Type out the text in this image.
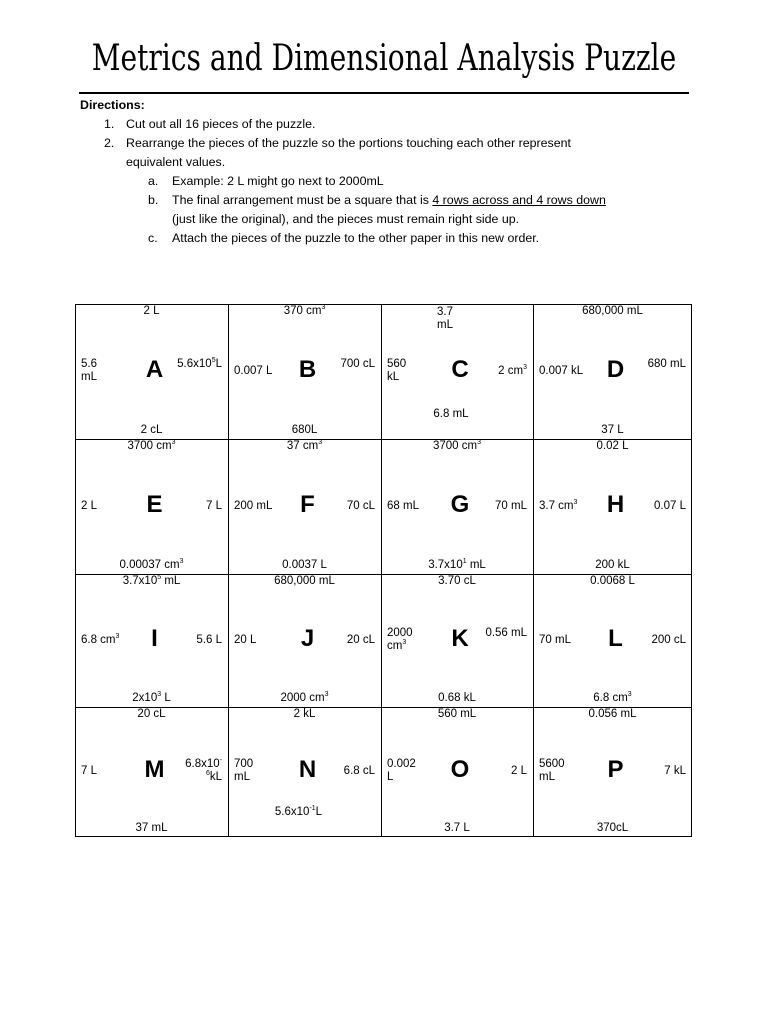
Metrics and Dimensional Analysis Puzzle
Directions:
1. Cut out all 16 pieces of the puzzle.
2. Rearrange the pieces of the puzzle so the portions touching each other represent
equivalent values.
a. Example: 2 L might go next to 2000mL
b. The final arrangement must be a square that is 4 rows across and 4 rows down
(just like the original), and the pieces must remain right side up.
c. Attach the pieces of the puzzle to the other paper in this new order.
A
2 L
2 cL
5.6 mL
$5.6x10^5L$	B
370 $cm^3$
680L
0.007 L
700 cL	C
3.7 mL
6.8 mL
560 kL	2 $cm^3$	D
680,000 mL
37 L
0.007 kL
680 mL
E
3700 $cm^3$
0.00037 $cm^3$
2 L	7 L	F
37 $cm^3$
0.0037 L
200 mL	70 cL	G
3700 $cm^3$
$3.7x10^1$ mL
68 mL	70 mL	H
0.02 L
200 kL
3.7 $cm^3$	0.07 L
I
$3.7x10^5$ mL
$2x10^3$ L
6.8 $cm^3$	5.6 L	J
680,000 mL
2000 $cm^3$
20 L	20 cL	K
3.70 cL
0.68 kL
2000 $cm^3$
0.56 mL	L
0.0068 L
6.8 $cm^3$
70 mL	200 cL
M
20 cL
37 mL
7 L
$6.8x10^{-6}kL$	N
2 kL
$5.6x10^{-1}L$
700 mL	6.8 cL	O
560 mL
3.7 L
0.002 L	2 L	P
0.056 mL
370cL
5600 mL	7 kL
